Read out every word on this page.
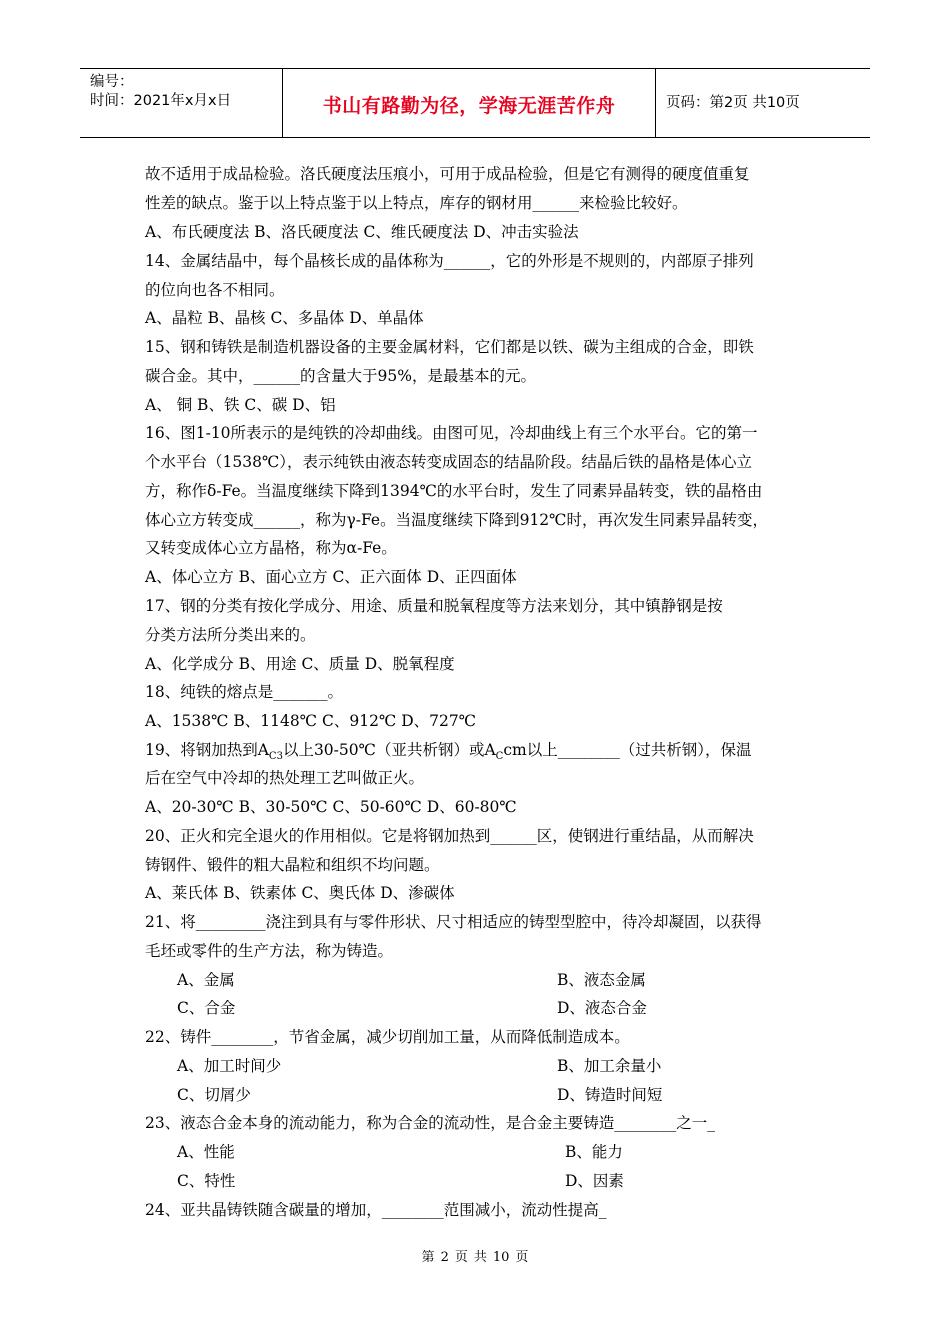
编号：
时间：2021年x月x日	书山有路勤为径，学海无涯苦作舟	页码：第2页 共10页
故不适用于成品检验。洛氏硬度法压痕小，可用于成品检验，但是它有测得的硬度值重复
性差的缺点。鉴于以上特点鉴于以上特点，库存的钢材用______来检验比较好。
A、布氏硬度法 B、洛氏硬度法 C、维氏硬度法 D、冲击实验法
14、金属结晶中，每个晶核长成的晶体称为______，它的外形是不规则的，内部原子排列
的位向也各不相同。
A、晶粒 B、晶核 C、多晶体 D、单晶体
15、钢和铸铁是制造机器设备的主要金属材料，它们都是以铁、碳为主组成的合金，即铁
碳合金。其中，______的含量大于95%，是最基本的元。
A、 铜 B、铁 C、碳 D、铝
16、图1-10所表示的是纯铁的冷却曲线。由图可见，冷却曲线上有三个水平台。它的第一
个水平台（1538℃），表示纯铁由液态转变成固态的结晶阶段。结晶后铁的晶格是体心立
方，称作δ-Fe。当温度继续下降到1394℃的水平台时，发生了同素异晶转变，铁的晶格由
体心立方转变成______，称为γ-Fe。当温度继续下降到912℃时，再次发生同素异晶转变，
又转变成体心立方晶格，称为α-Fe。
A、体心立方 B、面心立方 C、正六面体 D、正四面体
17、钢的分类有按化学成分、用途、质量和脱氧程度等方法来划分，其中镇静钢是按
分类方法所分类出来的。
A、化学成分 B、用途 C、质量 D、脱氧程度
18、纯铁的熔点是_______。
A、1538℃ B、1148℃ C、912℃ D、727℃
19、将钢加热到$A_{C3}$以上30-50℃（亚共析钢）或$A_Ccm$以上________（过共析钢），保温
后在空气中冷却的热处理工艺叫做正火。
A、20-30℃ B、30-50℃ C、50-60℃ D、60-80℃
20、正火和完全退火的作用相似。它是将钢加热到______区，使钢进行重结晶，从而解决
铸钢件、锻件的粗大晶粒和组织不均问题。
A、莱氏体 B、铁素体 C、奥氏体 D、渗碳体
21、将_________浇注到具有与零件形状、尺寸相适应的铸型型腔中，待冷却凝固，以获得
毛坯或零件的生产方法，称为铸造。
A、金属	B、液态金属
C、合金	D、液态合金
22、铸件________，节省金属，减少切削加工量，从而降低制造成本。
A、加工时间少	B、加工余量小
C、切屑少	D、铸造时间短
23、液态合金本身的流动能力，称为合金的流动性，是合金主要铸造________之一_
A、性能	B、能力
C、特性	D、因素
24、亚共晶铸铁随含碳量的增加，________范围减小，流动性提高_
第 2 页 共 10 页
